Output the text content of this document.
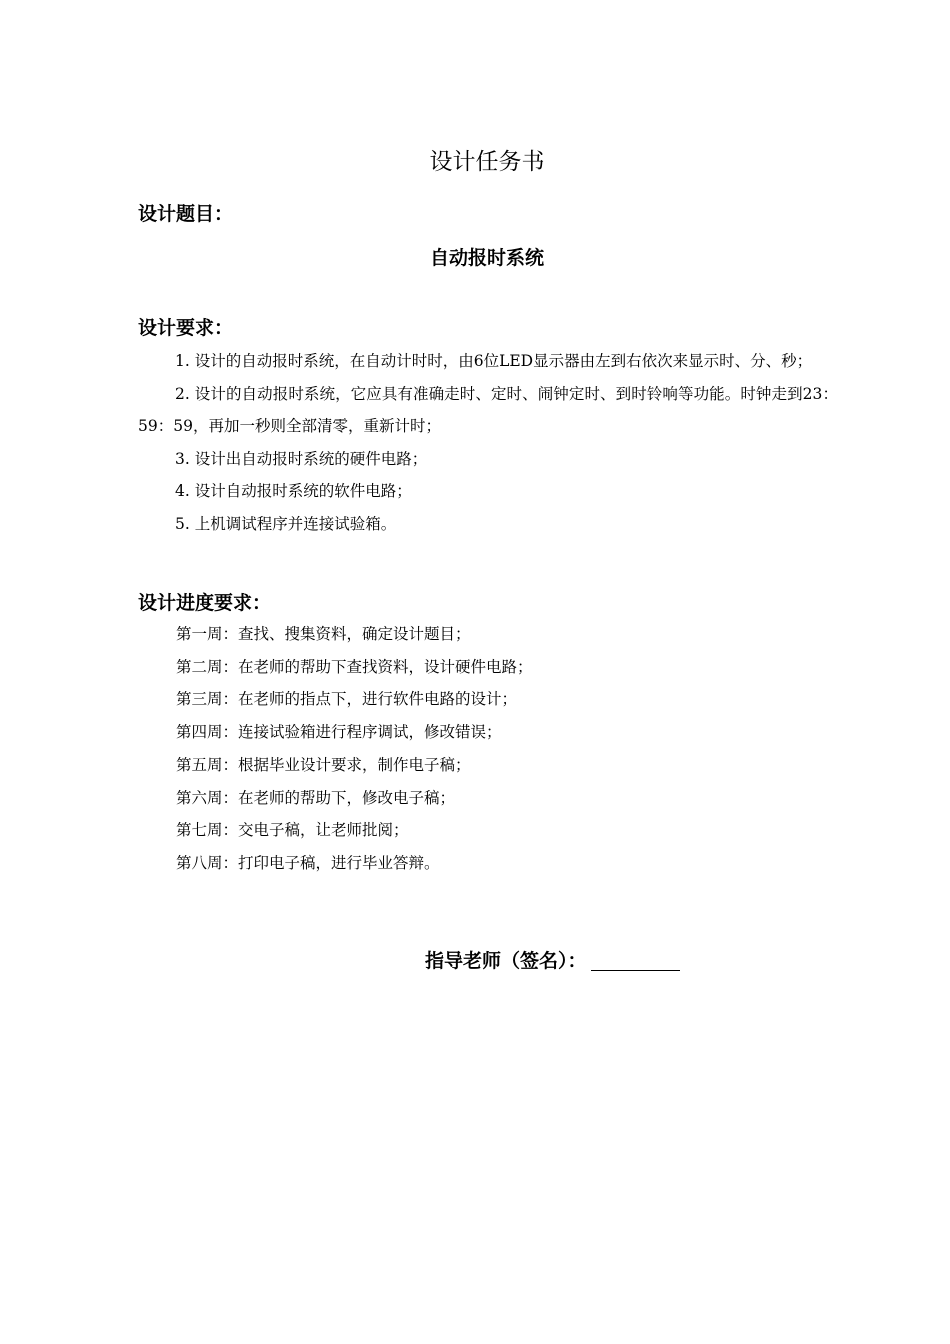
设计任务书
设计题目：
自动报时系统
设计要求：
1. 设计的自动报时系统，在自动计时时，由6位LED显示器由左到右依次来显示时、分、秒；
2. 设计的自动报时系统，它应具有准确走时、定时、闹钟定时、到时铃响等功能。时钟走到23：59：59，再加一秒则全部清零，重新计时；
3. 设计出自动报时系统的硬件电路；
4. 设计自动报时系统的软件电路；
5. 上机调试程序并连接试验箱。
设计进度要求：
第一周：查找、搜集资料，确定设计题目；
第二周：在老师的帮助下查找资料，设计硬件电路；
第三周：在老师的指点下，进行软件电路的设计；
第四周：连接试验箱进行程序调试，修改错误；
第五周：根据毕业设计要求，制作电子稿；
第六周：在老师的帮助下，修改电子稿；
第七周：交电子稿，让老师批阅；
第八周：打印电子稿，进行毕业答辩。
指导老师（签名）：
